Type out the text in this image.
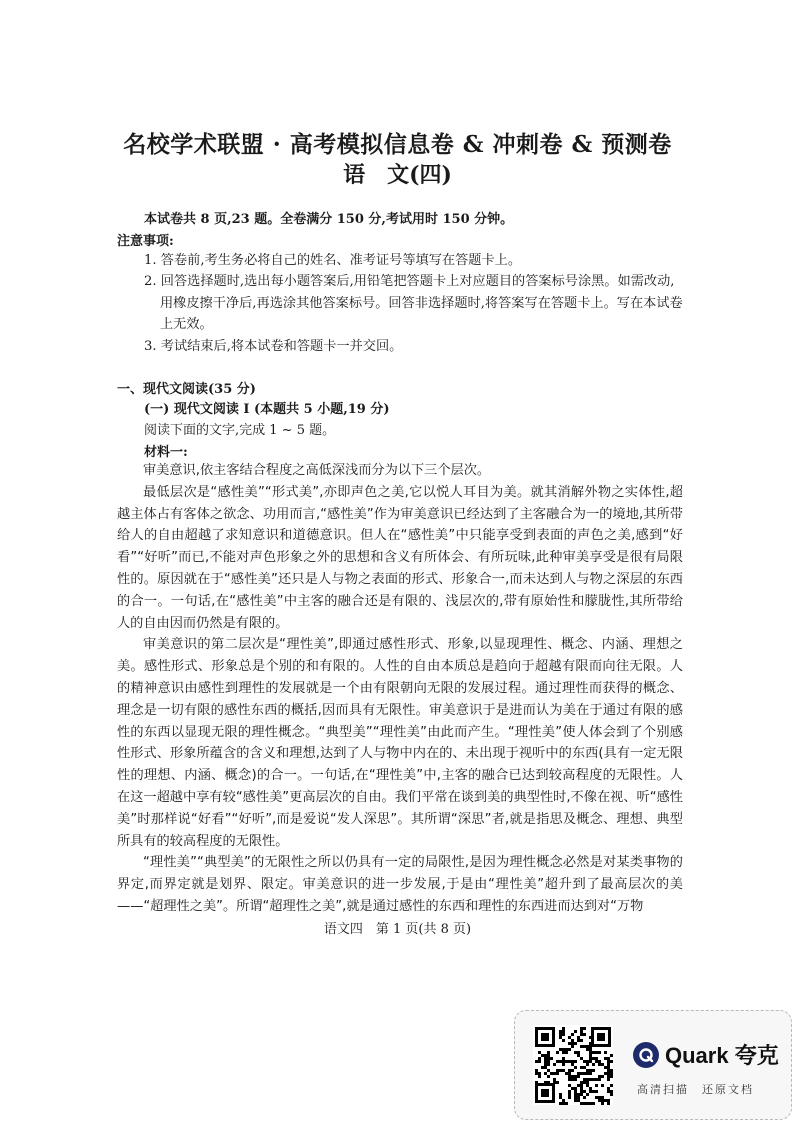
名校学术联盟 · 高考模拟信息卷 & 冲刺卷 & 预测卷
语　文(四)
本试卷共 8 页,23 题。全卷满分 150 分,考试用时 150 分钟。
注意事项:
1. 答卷前,考生务必将自己的姓名、准考证号等填写在答题卡上。
2. 回答选择题时,选出每小题答案后,用铅笔把答题卡上对应题目的答案标号涂黑。如需改动,用橡皮擦干净后,再选涂其他答案标号。回答非选择题时,将答案写在答题卡上。写在本试卷上无效。
3. 考试结束后,将本试卷和答题卡一并交回。
一、现代文阅读(35 分)
(一) 现代文阅读 Ⅰ (本题共 5 小题,19 分)
阅读下面的文字,完成 1 ~ 5 题。
材料一:

审美意识,依主客结合程度之高低深浅而分为以下三个层次。

最低层次是“感性美”“形式美”,亦即声色之美,它以悦人耳目为美。就其消解外物之实体性,超越主体占有客体之欲念、功用而言,“感性美”作为审美意识已经达到了主客融合为一的境地,其所带给人的自由超越了求知意识和道德意识。但人在“感性美”中只能享受到表面的声色之美,感到“好看”“好听”而已,不能对声色形象之外的思想和含义有所体会、有所玩味,此种审美享受是很有局限性的。原因就在于“感性美”还只是人与物之表面的形式、形象合一,而未达到人与物之深层的东西的合一。一句话,在“感性美”中主客的融合还是有限的、浅层次的,带有原始性和朦胧性,其所带给人的自由因而仍然是有限的。

审美意识的第二层次是“理性美”,即通过感性形式、形象,以显现理性、概念、内涵、理想之美。感性形式、形象总是个别的和有限的。人性的自由本质总是趋向于超越有限而向往无限。人的精神意识由感性到理性的发展就是一个由有限朝向无限的发展过程。通过理性而获得的概念、理念是一切有限的感性东西的概括,因而具有无限性。审美意识于是进而认为美在于通过有限的感性的东西以显现无限的理性概念。“典型美”“理性美”由此而产生。“理性美”使人体会到了个别感性形式、形象所蕴含的含义和理想,达到了人与物中内在的、未出现于视听中的东西(具有一定无限性的理想、内涵、概念)的合一。一句话,在“理性美”中,主客的融合已达到较高程度的无限性。人在这一超越中享有较“感性美”更高层次的自由。我们平常在谈到美的典型性时,不像在视、听“感性美”时那样说“好看”“好听”,而是爱说“发人深思”。其所谓“深思”者,就是指思及概念、理想、典型所具有的较高程度的无限性。

“理性美”“典型美”的无限性之所以仍具有一定的局限性,是因为理性概念必然是对某类事物的界定,而界定就是划界、限定。审美意识的进一步发展,于是由“理性美”超升到了最高层次的美——“超理性之美”。所谓“超理性之美”,就是通过感性的东西和理性的东西进而达到对“万物

语文四　第 1 页(共 8 页)
Quark 夸克
高清扫描　还原文档
